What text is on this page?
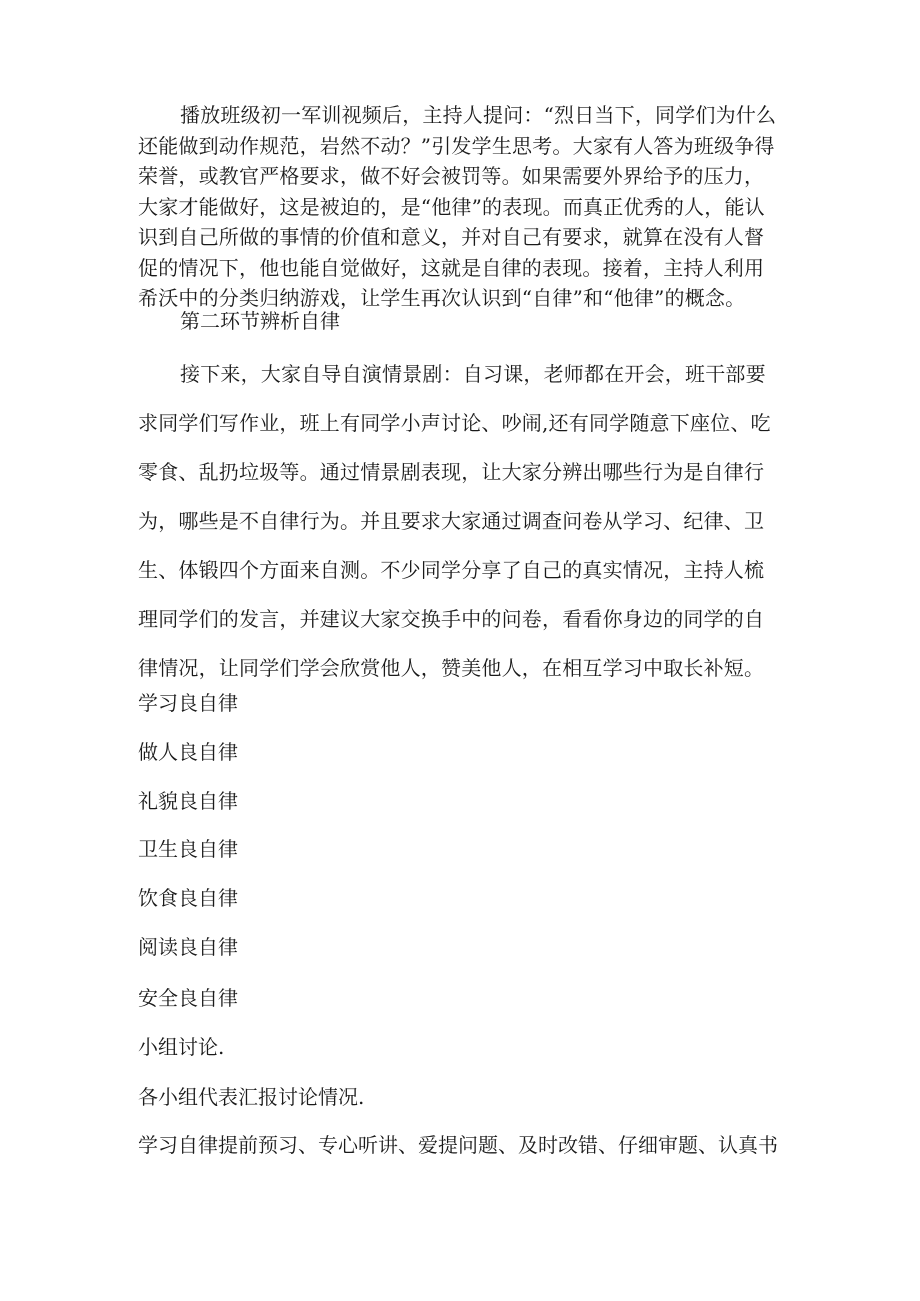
播放班级初一军训视频后，主持人提问：“烈日当下，同学们为什么还能做到动作规范，岩然不动？”引发学生思考。大家有人答为班级争得荣誉，或教官严格要求，做不好会被罚等。如果需要外界给予的压力，大家才能做好，这是被迫的，是“他律”的表现。而真正优秀的人，能认识到自己所做的事情的价值和意义，并对自己有要求，就算在没有人督促的情况下，他也能自觉做好，这就是自律的表现。接着，主持人利用希沃中的分类归纳游戏，让学生再次认识到“自律”和“他律”的概念。

第二环节辨析自律

接下来，大家自导自演情景剧：自习课，老师都在开会，班干部要求同学们写作业，班上有同学小声讨论、吵闹,还有同学随意下座位、吃零食、乱扔垃圾等。通过情景剧表现，让大家分辨出哪些行为是自律行为，哪些是不自律行为。并且要求大家通过调查问卷从学习、纪律、卫生、体锻四个方面来自测。不少同学分享了自己的真实情况，主持人梳理同学们的发言，并建议大家交换手中的问卷，看看你身边的同学的自律情况，让同学们学会欣赏他人，赞美他人，在相互学习中取长补短。

学习良自律

做人良自律

礼貌良自律

卫生良自律

饮食良自律

阅读良自律

安全良自律

小组讨论.

各小组代表汇报讨论情况.

学习自律提前预习、专心听讲、爱提问题、及时改错、仔细审题、认真书
